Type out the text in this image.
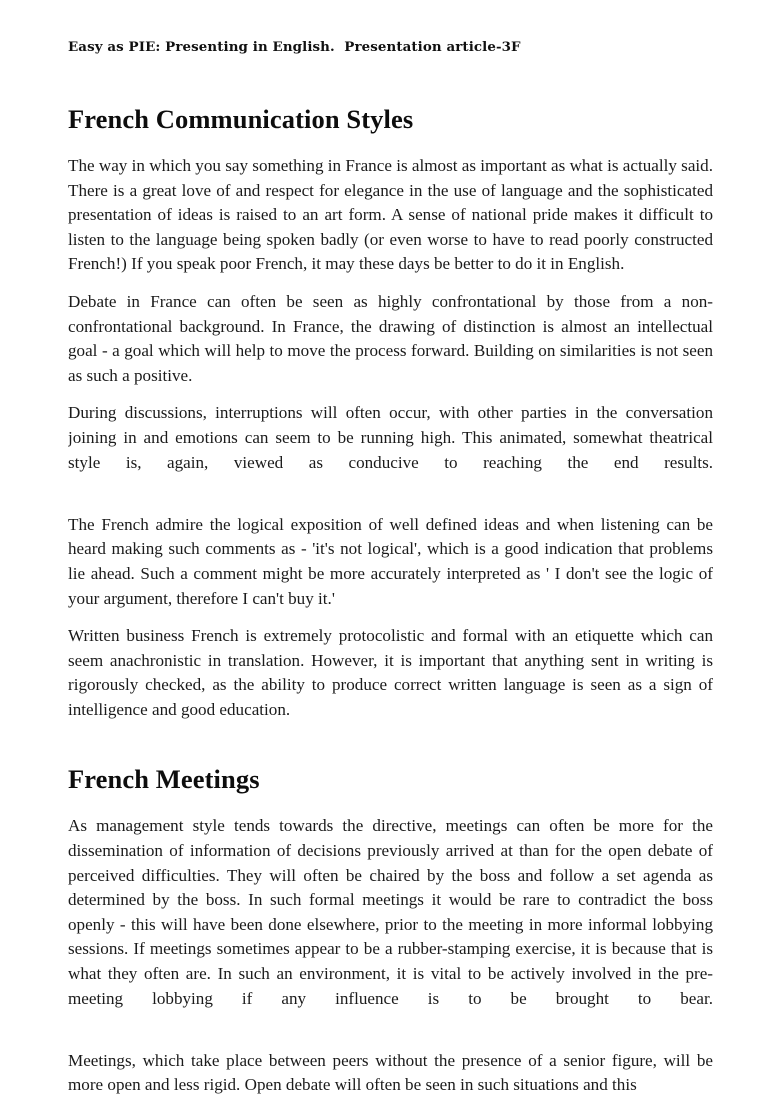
Easy as PIE: Presenting in English.  Presentation article-3F
French Communication Styles

The way in which you say something in France is almost as important as what is actually said. There is a great love of and respect for elegance in the use of language and the sophisticated presentation of ideas is raised to an art form. A sense of national pride makes it difficult to listen to the language being spoken badly (or even worse to have to read poorly constructed French!) If you speak poor French, it may these days be better to do it in English.

Debate in France can often be seen as highly confrontational by those from a non-confrontational background. In France, the drawing of distinction is almost an intellectual goal - a goal which will help to move the process forward. Building on similarities is not seen as such a positive.

During discussions, interruptions will often occur, with other parties in the conversation joining in and emotions can seem to be running high. This animated, somewhat theatrical style is, again, viewed as conducive to reaching the end results.

The French admire the logical exposition of well defined ideas and when listening can be heard making such comments as - 'it's not logical', which is a good indication that problems lie ahead. Such a comment might be more accurately interpreted as ' I don't see the logic of your argument, therefore I can't buy it.'

Written business French is extremely protocolistic and formal with an etiquette which can seem anachronistic in translation. However, it is important that anything sent in writing is rigorously checked, as the ability to produce correct written language is seen as a sign of intelligence and good education.

French Meetings

As management style tends towards the directive, meetings can often be more for the dissemination of information of decisions previously arrived at than for the open debate of perceived difficulties. They will often be chaired by the boss and follow a set agenda as determined by the boss. In such formal meetings it would be rare to contradict the boss openly - this will have been done elsewhere, prior to the meeting in more informal lobbying sessions. If meetings sometimes appear to be a rubber-stamping exercise, it is because that is what they often are. In such an environment, it is vital to be actively involved in the pre-meeting lobbying if any influence is to be brought to bear.

Meetings, which take place between peers without the presence of a senior figure, will be more open and less rigid. Open debate will often be seen in such situations and this
